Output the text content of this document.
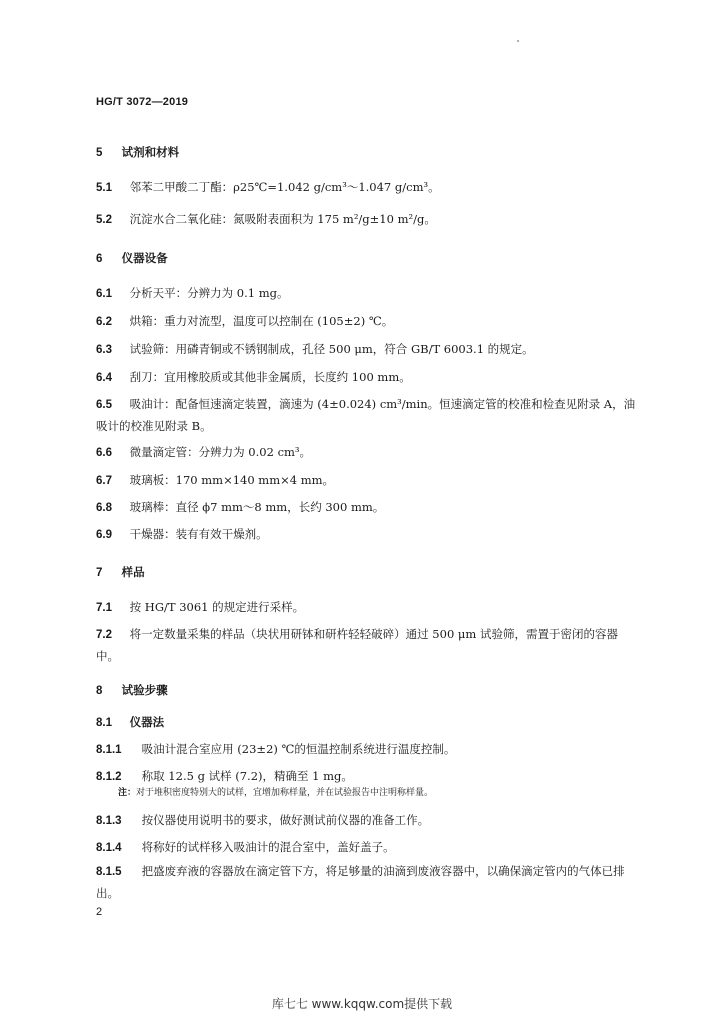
HG/T 3072—2019
5 试剂和材料
5.1 邻苯二甲酸二丁酯：ρ25℃=1.042 g/cm³～1.047 g/cm³。
5.2 沉淀水合二氧化硅：氮吸附表面积为 175 m²/g±10 m²/g。
6 仪器设备
6.1 分析天平：分辨力为 0.1 mg。
6.2 烘箱：重力对流型，温度可以控制在 (105±2) ℃。
6.3 试验筛：用磷青铜或不锈钢制成，孔径 500 μm，符合 GB/T 6003.1 的规定。
6.4 刮刀：宜用橡胶质或其他非金属质，长度约 100 mm。
6.5 吸油计：配备恒速滴定装置，滴速为 (4±0.024) cm³/min。恒速滴定管的校准和检查见附录 A，油吸计的校准见附录 B。
6.6 微量滴定管：分辨力为 0.02 cm³。
6.7 玻璃板：170 mm×140 mm×4 mm。
6.8 玻璃棒：直径 ϕ7 mm～8 mm，长约 300 mm。
6.9 干燥器：装有有效干燥剂。
7 样品
7.1 按 HG/T 3061 的规定进行采样。
7.2 将一定数量采集的样品（块状用研钵和研杵轻轻破碎）通过 500 μm 试验筛，需置于密闭的容器中。
8 试验步骤
8.1 仪器法
8.1.1 吸油计混合室应用 (23±2) ℃的恒温控制系统进行温度控制。
8.1.2 称取 12.5 g 试样 (7.2)，精确至 1 mg。
注：对于堆积密度特别大的试样，宜增加称样量，并在试验报告中注明称样量。
8.1.3 按仪器使用说明书的要求，做好测试前仪器的准备工作。
8.1.4 将称好的试样移入吸油计的混合室中，盖好盖子。
8.1.5 把盛废弃液的容器放在滴定管下方，将足够量的油滴到废液容器中，以确保滴定管内的气体已排出。
2
库七七 www.kqqw.com提供下载
